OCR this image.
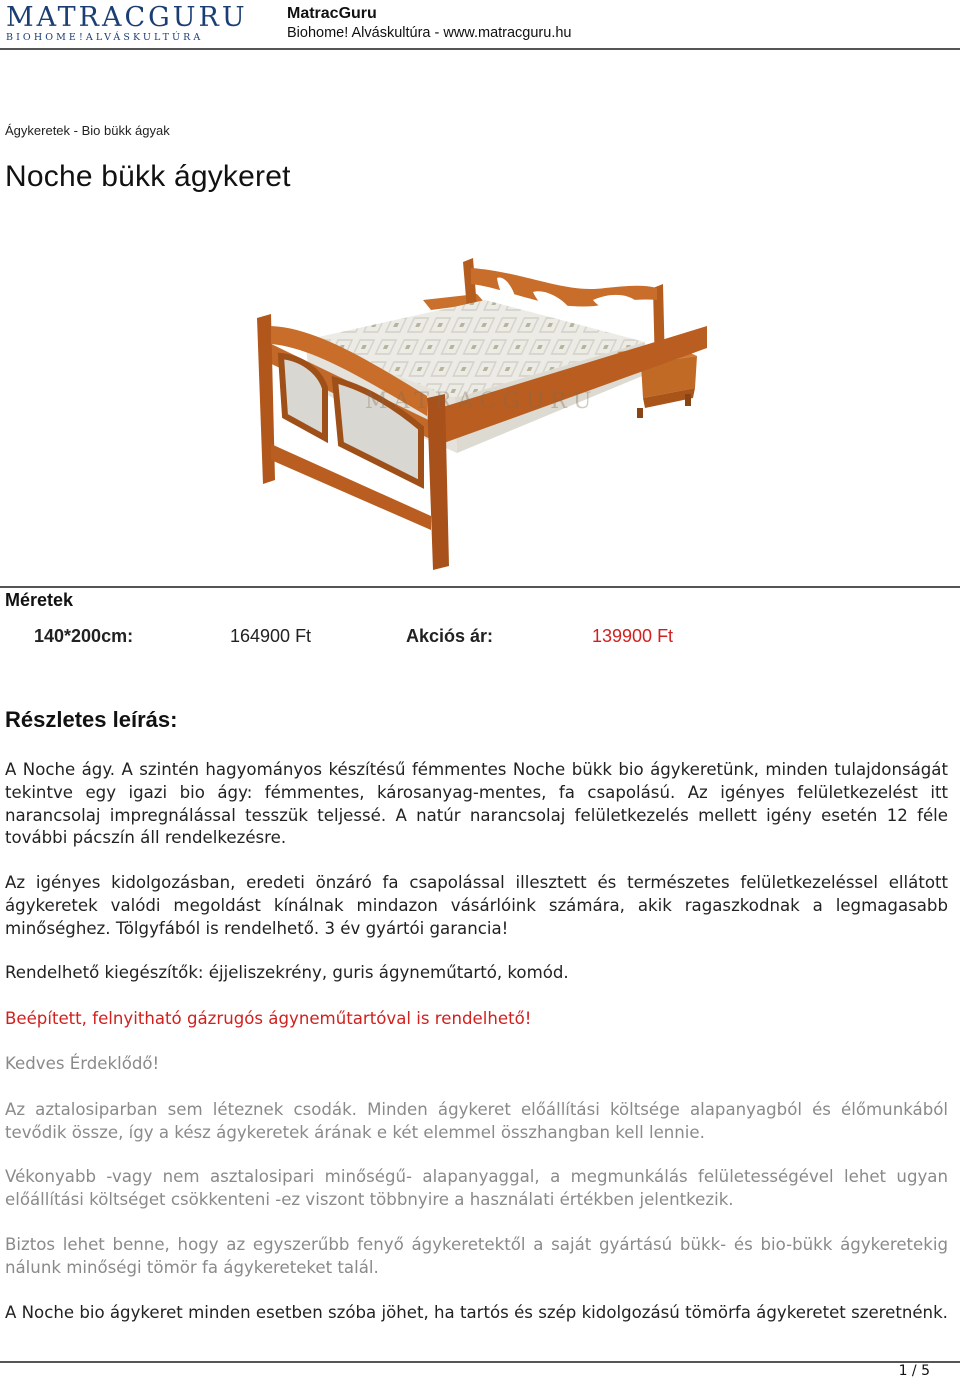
MATRACGURU
BIOHOME!ALVÁSKULTÚRA
MatracGuru
Biohome! Alváskultúra - www.matracguru.hu
Ágykeretek - Bio bükk ágyak
Noche bükk ágykeret
MATRACGURU
Méretek
140*200cm:	164900 Ft	Akciós ár:	139900 Ft
Részletes leírás:

A Noche ágy. A szintén hagyományos készítésű fémmentes Noche bükk bio ágykeretünk, minden tulajdonságát tekintve egy igazi bio ágy: fémmentes, károsanyag-mentes, fa csapolású. Az igényes felületkezelést itt narancsolaj impregnálással tesszük teljessé. A natúr narancsolaj felületkezelés mellett igény esetén 12 féle további pácszín áll rendelkezésre.

Az igényes kidolgozásban, eredeti önzáró fa csapolással illesztett és természetes felületkezeléssel ellátott ágykeretek valódi megoldást kínálnak mindazon vásárlóink számára, akik ragaszkodnak a legmagasabb minőséghez. Tölgyfából is rendelhető. 3 év gyártói garancia!

Rendelhető kiegészítők: éjjeliszekrény, guris ágyneműtartó, komód.

Beépített, felnyitható gázrugós ágyneműtartóval is rendelhető!

Kedves Érdeklődő!

Az aztalosiparban sem léteznek csodák. Minden ágykeret előállítási költsége alapanyagból és élőmunkából tevődik össze, így a kész ágykeretek árának e két elemmel összhangban kell lennie.

Vékonyabb -vagy nem asztalosipari minőségű- alapanyaggal, a megmunkálás felületességével lehet ugyan előállítási költséget csökkenteni -ez viszont többnyire a használati értékben jelentkezik.

Biztos lehet benne, hogy az egyszerűbb fenyő ágykeretektől a saját gyártású bükk- és bio-bükk ágykeretekig nálunk minőségi tömör fa ágykereteket talál.

A Noche bio ágykeret minden esetben szóba jöhet, ha tartós és szép kidolgozású tömörfa ágykeretet szeretnénk.

1 / 5
